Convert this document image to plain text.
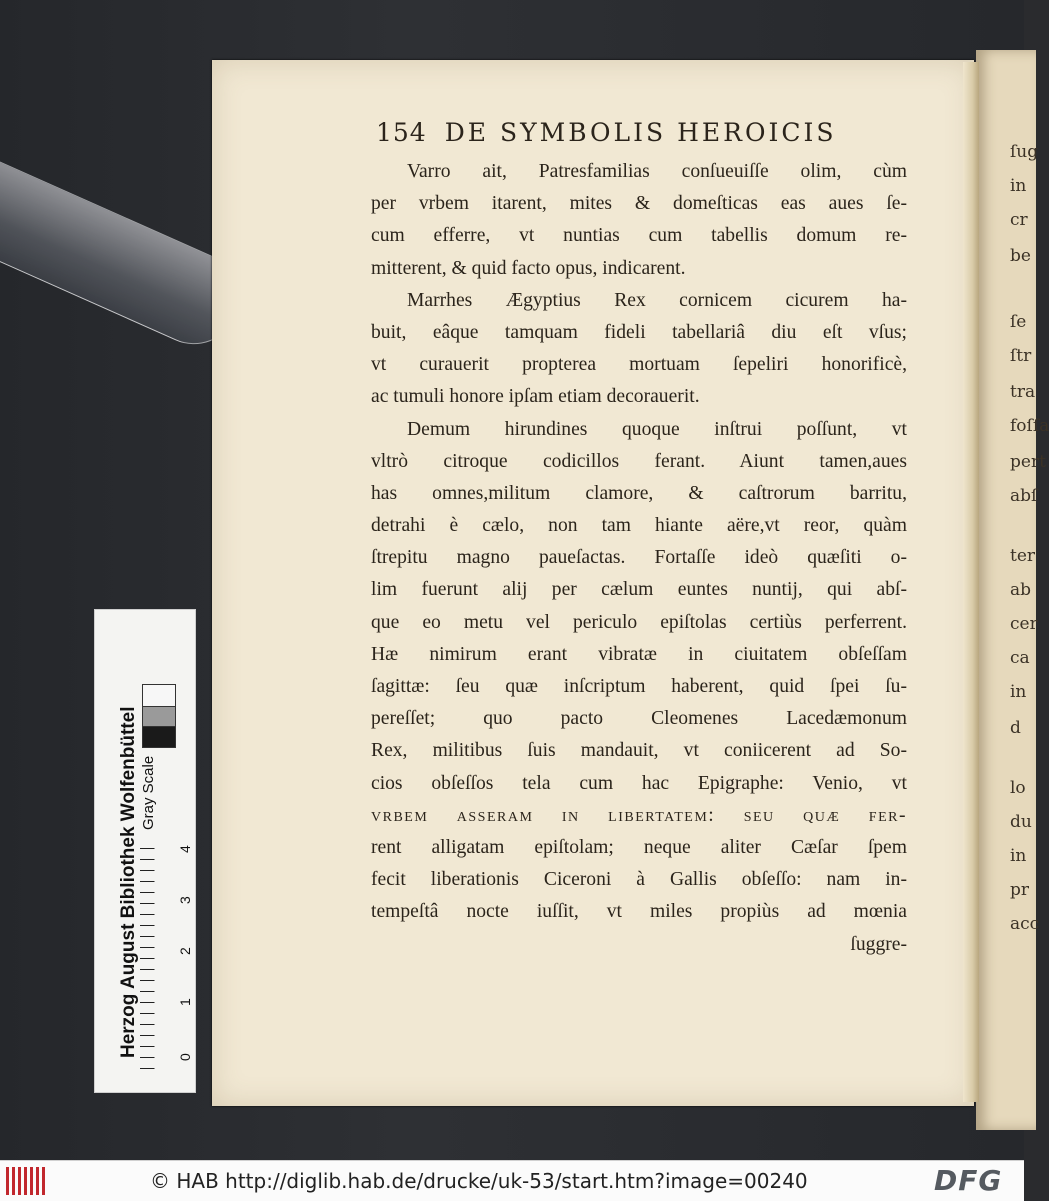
ſug
in
cr
be
ſe
ſtr
tra
foſſa
pert
abſ
ter
ab
cer
ca
in
d
lo
du
in
pr
acc
154 DE SYMBOLIS HEROICIS
Varro ait, Patresfamilias conſueuiſſe olim, cùm
per vrbem itarent, mites & domeſticas eas aues ſe-
cum efferre, vt nuntias cum tabellis domum re-
mitterent, & quid facto opus, indicarent.
Marrhes Ægyptius Rex cornicem cicurem ha-
buit, eâque tamquam fideli tabellariâ diu eſt vſus;
vt curauerit propterea mortuam ſepeliri honorificè,
ac tumuli honore ipſam etiam decorauerit.
Demum hirundines quoque inſtrui poſſunt, vt
vltrò citroque codicillos ferant. Aiunt tamen,aues
has omnes,militum clamore, & caſtrorum barritu,
detrahi è cælo, non tam hiante aëre,vt reor, quàm
ſtrepitu magno paueſactas. Fortaſſe ideò quæſiti o-
lim fuerunt alij per cælum euntes nuntij, qui abſ-
que eo metu vel periculo epiſtolas certiùs perferrent.
Hæ nimirum erant vibratæ in ciuitatem obſeſſam
ſagittæ: ſeu quæ inſcriptum haberent, quid ſpei ſu-
pereſſet; quo pacto Cleomenes Lacedæmonum
Rex, militibus ſuis mandauit, vt coniicerent ad So-
cios obſeſſos tela cum hac Epigraphe: Venio, vt
vrbem asseram in libertatem: ſeu quæ fer-
rent alligatam epiſtolam; neque aliter Cæſar ſpem
fecit liberationis Ciceroni à Gallis obſeſſo: nam in-
tempeſtâ nocte iuſſit, vt miles propiùs ad mœnia
ſuggre-
Herzog August Bibliothek Wolfenbüttel Gray Scale
0
1
2
3
4
© HAB http://diglib.hab.de/drucke/uk-53/start.htm?image=00240	DFG
